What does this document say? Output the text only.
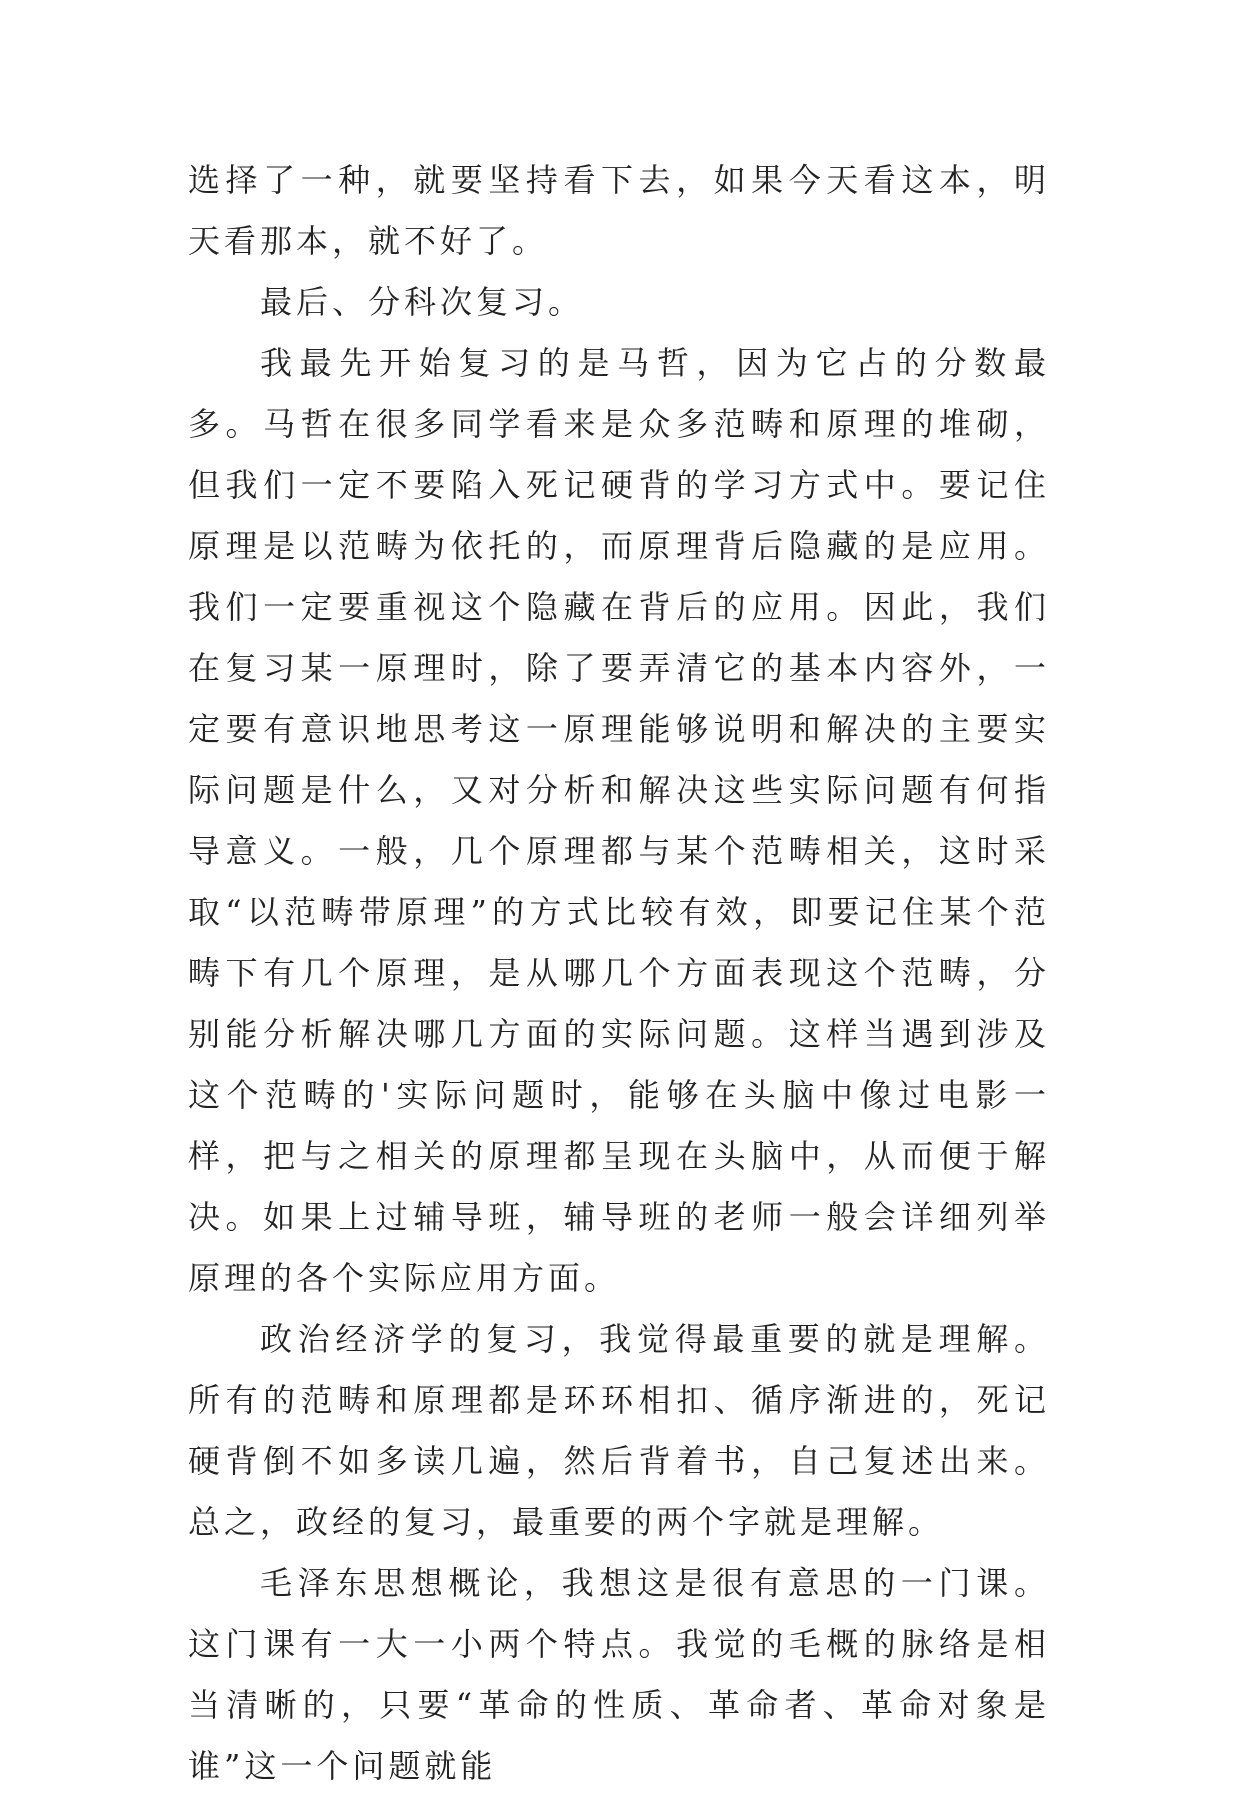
选择了一种，就要坚持看下去，如果今天看这本，明天看那本，就不好了。

最后、分科次复习。

我最先开始复习的是马哲，因为它占的分数最多。马哲在很多同学看来是众多范畴和原理的堆砌，但我们一定不要陷入死记硬背的学习方式中。要记住原理是以范畴为依托的，而原理背后隐藏的是应用。我们一定要重视这个隐藏在背后的应用。因此，我们在复习某一原理时，除了要弄清它的基本内容外，一定要有意识地思考这一原理能够说明和解决的主要实际问题是什么，又对分析和解决这些实际问题有何指导意义。一般，几个原理都与某个范畴相关，这时采取“以范畴带原理”的方式比较有效，即要记住某个范畴下有几个原理，是从哪几个方面表现这个范畴，分别能分析解决哪几方面的实际问题。这样当遇到涉及这个范畴的'实际问题时，能够在头脑中像过电影一样，把与之相关的原理都呈现在头脑中，从而便于解决。如果上过辅导班，辅导班的老师一般会详细列举原理的各个实际应用方面。

政治经济学的复习，我觉得最重要的就是理解。所有的范畴和原理都是环环相扣、循序渐进的，死记硬背倒不如多读几遍，然后背着书，自己复述出来。总之，政经的复习，最重要的两个字就是理解。

毛泽东思想概论，我想这是很有意思的一门课。这门课有一大一小两个特点。我觉的毛概的脉络是相当清晰的，只要“革命的性质、革命者、革命对象是谁”这一个问题就能
